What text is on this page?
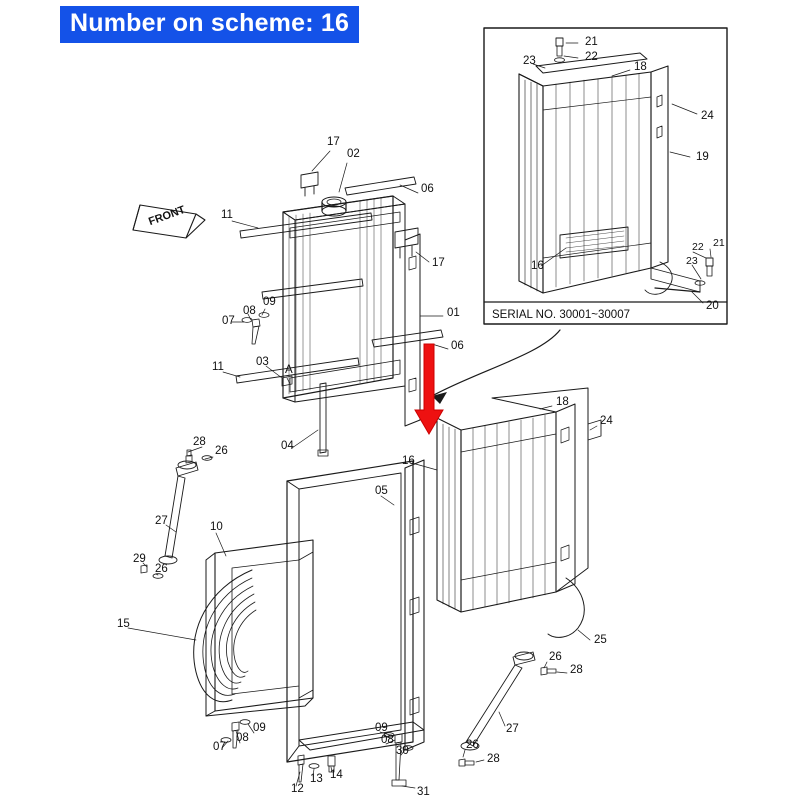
Number on scheme: 16
FRONT
SERIAL NO. 30001~30007
17
02
06
11
17
09
08
07
01
06
11	03
A
04
16
28
26
27	10
05
29
26
15
18
24
25
26
28
27
26
28
07
08
09
12
13 14
09
08
30
31
21
22
23	18
24
19
16
22 21
23
20
